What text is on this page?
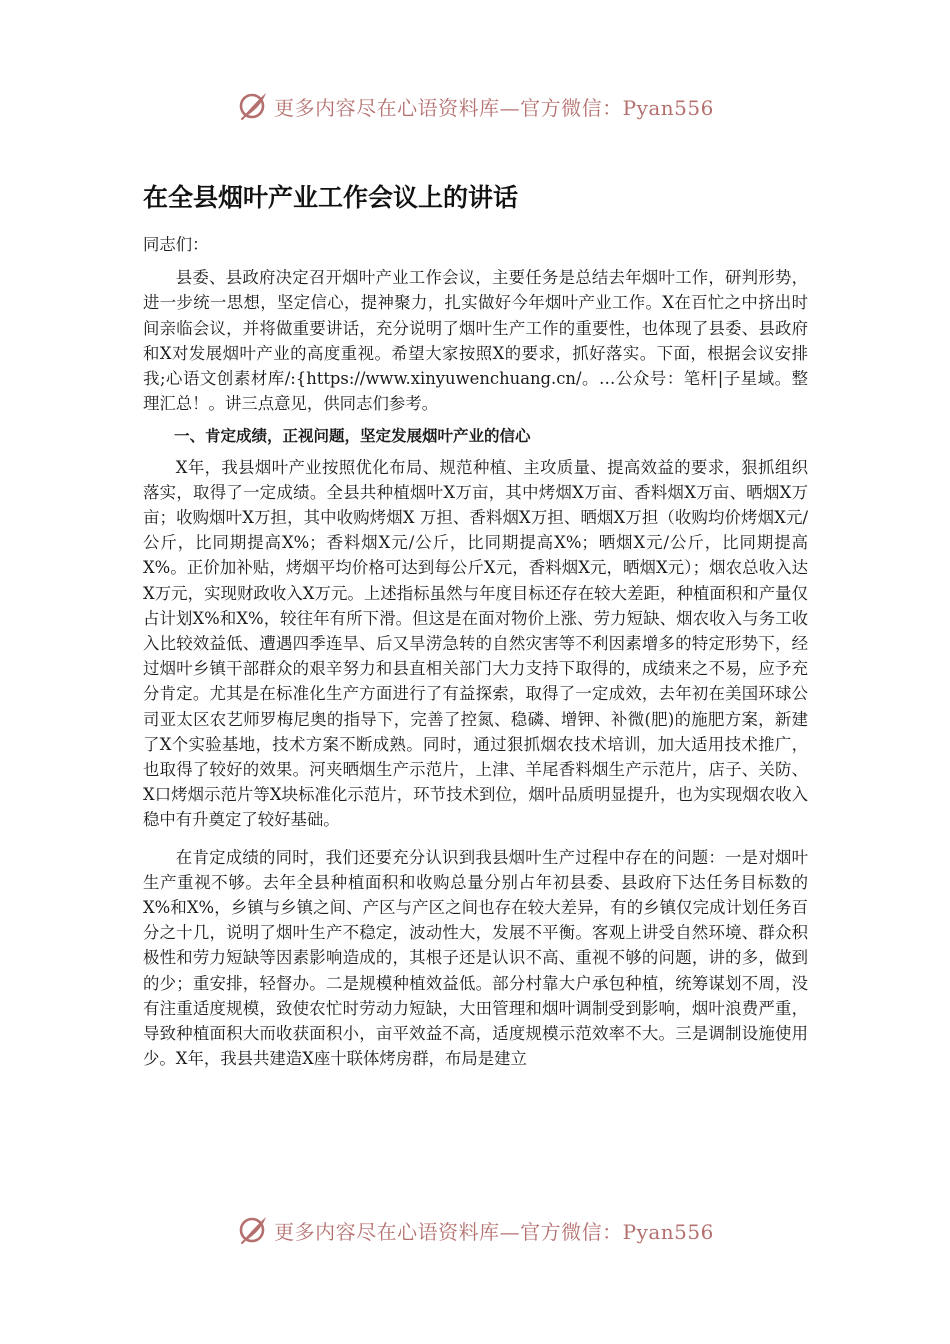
更多内容尽在心语资料库—官方微信：Pyan556
在全县烟叶产业工作会议上的讲话

同志们：

县委、县政府决定召开烟叶产业工作会议，主要任务是总结去年烟叶工作，研判形势，进一步统一思想，坚定信心，提神聚力，扎实做好今年烟叶产业工作。X在百忙之中挤出时间亲临会议，并将做重要讲话，充分说明了烟叶生产工作的重要性，也体现了县委、县政府和X对发展烟叶产业的高度重视。希望大家按照X的要求，抓好落实。下面，根据会议安排我;心语文创素材库/:{https://www.xinyuwenchuang.cn/。…公众号：笔杆|子星域。整理汇总！。讲三点意见，供同志们参考。

一、肯定成绩，正视问题，坚定发展烟叶产业的信心

X年，我县烟叶产业按照优化布局、规范种植、主攻质量、提高效益的要求，狠抓组织落实，取得了一定成绩。全县共种植烟叶X万亩，其中烤烟X万亩、香料烟X万亩、晒烟X万亩；收购烟叶X万担，其中收购烤烟X 万担、香料烟X万担、晒烟X万担（收购均价烤烟X元/公斤，比同期提高X%；香料烟X元/公斤，比同期提高X%；晒烟X元/公斤，比同期提高X%。正价加补贴，烤烟平均价格可达到每公斤X元，香料烟X元，晒烟X元）；烟农总收入达X万元，实现财政收入X万元。上述指标虽然与年度目标还存在较大差距，种植面积和产量仅占计划X%和X%，较往年有所下滑。但这是在面对物价上涨、劳力短缺、烟农收入与务工收入比较效益低、遭遇四季连旱、后又旱涝急转的自然灾害等不利因素增多的特定形势下，经过烟叶乡镇干部群众的艰辛努力和县直相关部门大力支持下取得的，成绩来之不易，应予充分肯定。尤其是在标准化生产方面进行了有益探索，取得了一定成效，去年初在美国环球公司亚太区农艺师罗梅尼奥的指导下，完善了控氮、稳磷、增钾、补微(肥)的施肥方案，新建了X个实验基地，技术方案不断成熟。同时，通过狠抓烟农技术培训，加大适用技术推广，也取得了较好的效果。河夹晒烟生产示范片，上津、羊尾香料烟生产示范片，店子、关防、X口烤烟示范片等X块标准化示范片，环节技术到位，烟叶品质明显提升，也为实现烟农收入稳中有升奠定了较好基础。

在肯定成绩的同时，我们还要充分认识到我县烟叶生产过程中存在的问题：一是对烟叶生产重视不够。去年全县种植面积和收购总量分别占年初县委、县政府下达任务目标数的X%和X%，乡镇与乡镇之间、产区与产区之间也存在较大差异，有的乡镇仅完成计划任务百分之十几，说明了烟叶生产不稳定，波动性大，发展不平衡。客观上讲受自然环境、群众积极性和劳力短缺等因素影响造成的，其根子还是认识不高、重视不够的问题，讲的多，做到的少；重安排，轻督办。二是规模种植效益低。部分村靠大户承包种植，统筹谋划不周，没有注重适度规模，致使农忙时劳动力短缺，大田管理和烟叶调制受到影响，烟叶浪费严重，导致种植面积大而收获面积小，亩平效益不高，适度规模示范效率不大。三是调制设施使用少。X年，我县共建造X座十联体烤房群，布局是建立

更多内容尽在心语资料库—官方微信：Pyan556
